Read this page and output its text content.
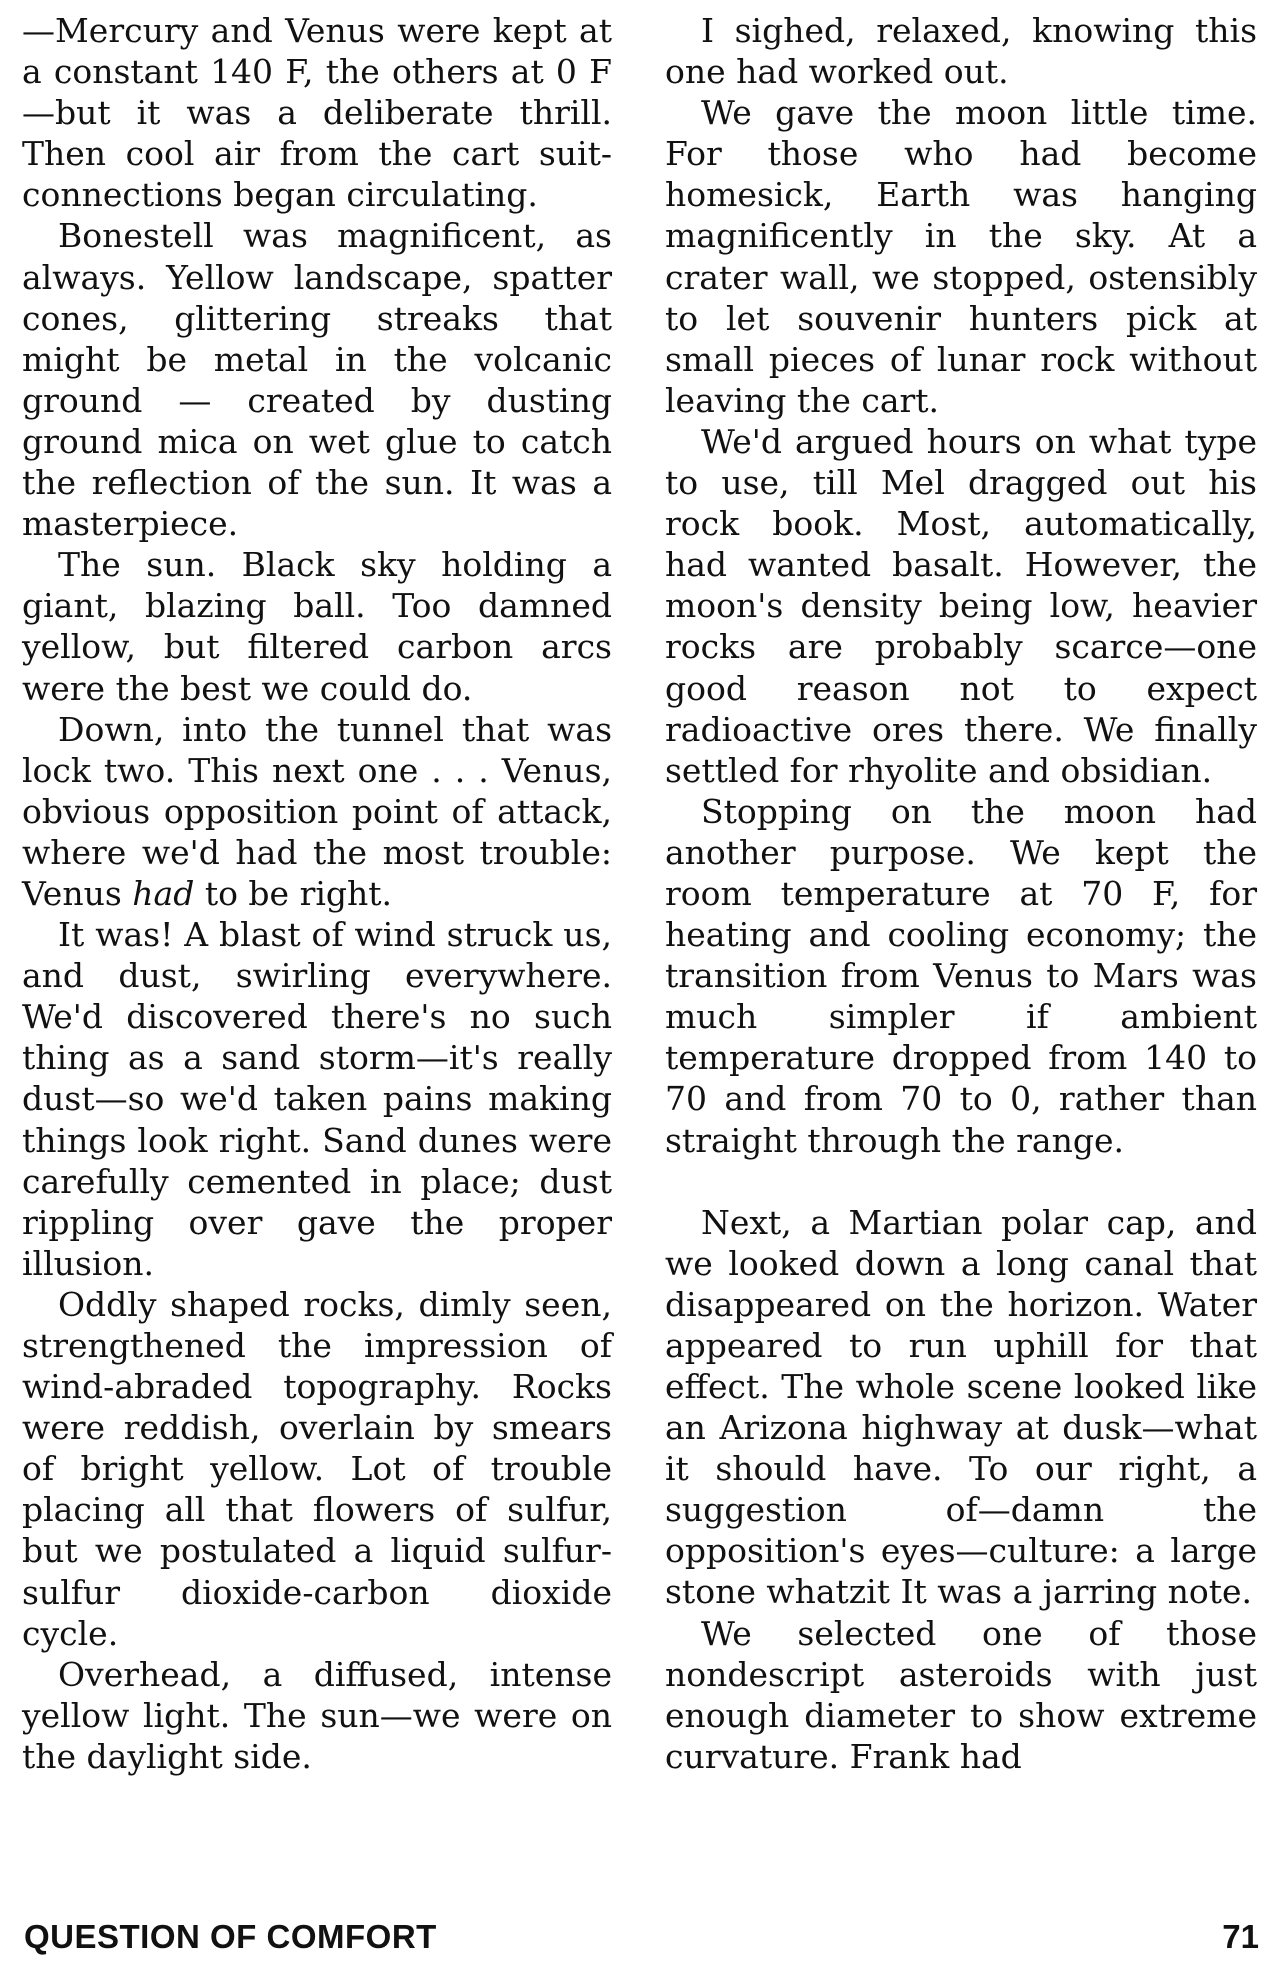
—Mercury and Venus were kept at a constant 140 F, the others at 0 F—but it was a deliberate thrill. Then cool air from the cart suit-connections began circulating.

Bonestell was magnificent, as always. Yellow landscape, spatter cones, glittering streaks that might be metal in the volcanic ground — created by dusting ground mica on wet glue to catch the reflection of the sun. It was a masterpiece.

The sun. Black sky holding a giant, blazing ball. Too damned yellow, but filtered carbon arcs were the best we could do.

Down, into the tunnel that was lock two. This next one . . . Venus, obvious opposition point of attack, where we'd had the most trouble: Venus had to be right.

It was! A blast of wind struck us, and dust, swirling everywhere. We'd discovered there's no such thing as a sand storm—it's really dust—so we'd taken pains making things look right. Sand dunes were carefully cemented in place; dust rippling over gave the proper illusion.

Oddly shaped rocks, dimly seen, strengthened the impression of wind-abraded topography. Rocks were reddish, overlain by smears of bright yellow. Lot of trouble placing all that flowers of sulfur, but we postulated a liquid sulfur-sulfur dioxide-carbon dioxide cycle.

Overhead, a diffused, intense yellow light. The sun—we were on the daylight side.

I sighed, relaxed, knowing this one had worked out.

We gave the moon little time. For those who had become homesick, Earth was hanging magnificently in the sky. At a crater wall, we stopped, ostensibly to let souvenir hunters pick at small pieces of lunar rock without leaving the cart.

We'd argued hours on what type to use, till Mel dragged out his rock book. Most, automatically, had wanted basalt. However, the moon's density being low, heavier rocks are probably scarce—one good reason not to expect radioactive ores there. We finally settled for rhyolite and obsidian.

Stopping on the moon had another purpose. We kept the room temperature at 70 F, for heating and cooling economy; the transition from Venus to Mars was much simpler if ambient temperature dropped from 140 to 70 and from 70 to 0, rather than straight through the range.

Next, a Martian polar cap, and we looked down a long canal that disappeared on the horizon. Water appeared to run uphill for that effect. The whole scene looked like an Arizona highway at dusk—what it should have. To our right, a suggestion of—damn the opposition's eyes—culture: a large stone whatzit It was a jarring note.

We selected one of those nondescript asteroids with just enough diameter to show extreme curvature. Frank had

QUESTION OF COMFORT	71
